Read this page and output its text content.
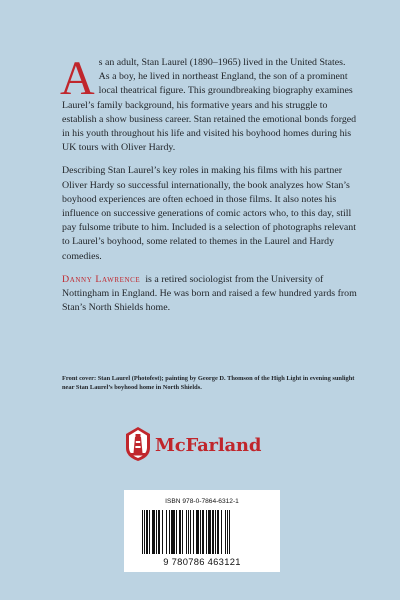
As an adult, Stan Laurel (1890–1965) lived in the United States. As a boy, he lived in northeast England, the son of a prominent local theatrical figure. This groundbreaking biography examines Laurel’s family background, his formative years and his struggle to establish a show business career. Stan retained the emotional bonds forged in his youth throughout his life and visited his boyhood homes during his UK tours with Oliver Hardy.

Describing Stan Laurel’s key roles in making his films with his partner Oliver Hardy so successful internationally, the book analyzes how Stan’s boyhood experiences are often echoed in those films. It also notes his influence on successive generations of comic actors who, to this day, still pay fulsome tribute to him. Included is a selection of photographs relevant to Laurel’s boyhood, some related to themes in the Laurel and Hardy comedies.

Danny Lawrence is a retired sociologist from the University of Nottingham in England. He was born and raised a few hundred yards from Stan’s North Shields home.

Front cover: Stan Laurel (Photofest); painting by George D. Thomson of the High Light in evening sunlight near Stan Laurel’s boyhood home in North Shields.
McFarland
ISBN 978-0-7864-6312-1
9 780786 463121
